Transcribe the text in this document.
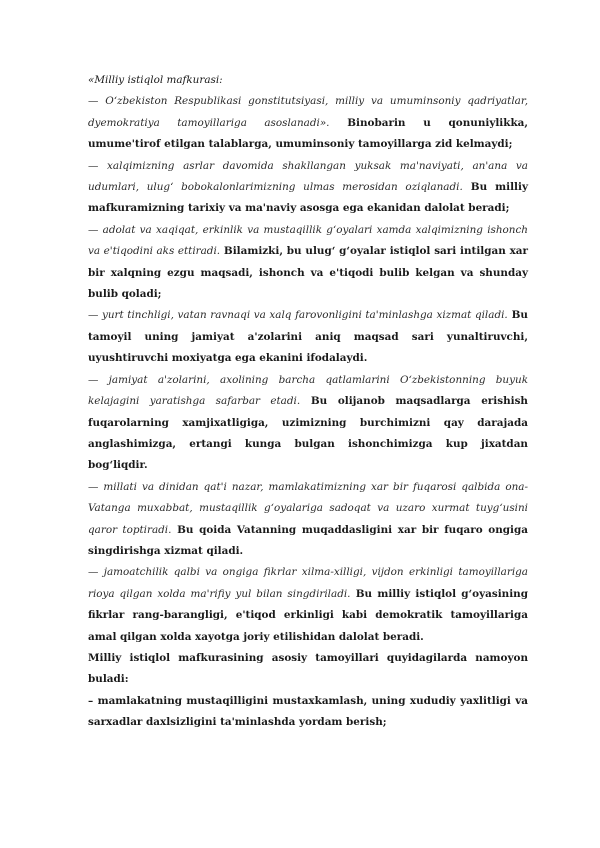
«Milliy istiqlol mafkurasi:

— O‘zbekiston Respublikasi gonstitutsiyasi, milliy va umuminsoniy qadriyatlar, dyemokratiya tamoyillariga asoslanadi». Binobarin u qonuniylikka, umume'tirof etilgan talablarga, umuminsoniy tamoyillarga zid kelmaydi;

— xalqimizning asrlar davomida shakllangan yuksak ma'naviyati, an'ana va udumlari, ulug‘ bobokalonlarimizning ulmas merosidan oziqlanadi. Bu milliy mafkuramizning tarixiy va ma'naviy asosga ega ekanidan dalolat beradi;

— adolat va xaqiqat, erkinlik va mustaqillik g‘oyalari xamda xalqimizning ishonch va e'tiqodini aks ettiradi. Bilamizki, bu ulug‘ g‘oyalar istiqlol sari intilgan xar bir xalqning ezgu maqsadi, ishonch va e'tiqodi bulib kelgan va shunday bulib qoladi;

— yurt tinchligi, vatan ravnaqi va xalq farovonligini ta'minlashga xizmat qiladi. Bu tamoyil uning jamiyat a'zolarini aniq maqsad sari yunaltiruvchi, uyushtiruvchi moxiyatga ega ekanini ifodalaydi.

— jamiyat a'zolarini, axolining barcha qatlamlarini O‘zbekistonning buyuk kelajagini yaratishga safarbar etadi. Bu olijanob maqsadlarga erishish fuqarolarning xamjixatligiga, uzimizning burchimizni qay darajada anglashimizga, ertangi kunga bulgan ishonchimizga kup jixatdan bog‘liqdir.

— millati va dinidan qat'i nazar, mamlakatimizning xar bir fuqarosi qalbida ona-Vatanga muxabbat, mustaqillik g‘oyalariga sadoqat va uzaro xurmat tuyg‘usini qaror toptiradi. Bu qoida Vatanning muqaddasligini xar bir fuqaro ongiga singdirishga xizmat qiladi.

— jamoatchilik qalbi va ongiga fikrlar xilma-xilligi, vijdon erkinligi tamoyillariga rioya qilgan xolda ma'rifiy yul bilan singdiriladi. Bu milliy istiqlol g‘oyasining fikrlar rang-barangligi, e'tiqod erkinligi kabi demokratik tamoyillariga amal qilgan xolda xayotga joriy etilishidan dalolat beradi.

Milliy istiqlol mafkurasining asosiy tamoyillari quyidagilarda namoyon buladi:

– mamlakatning mustaqilligini mustaxkamlash, uning xududiy yaxlitligi va sarxadlar daxlsizligini ta'minlashda yordam berish;
